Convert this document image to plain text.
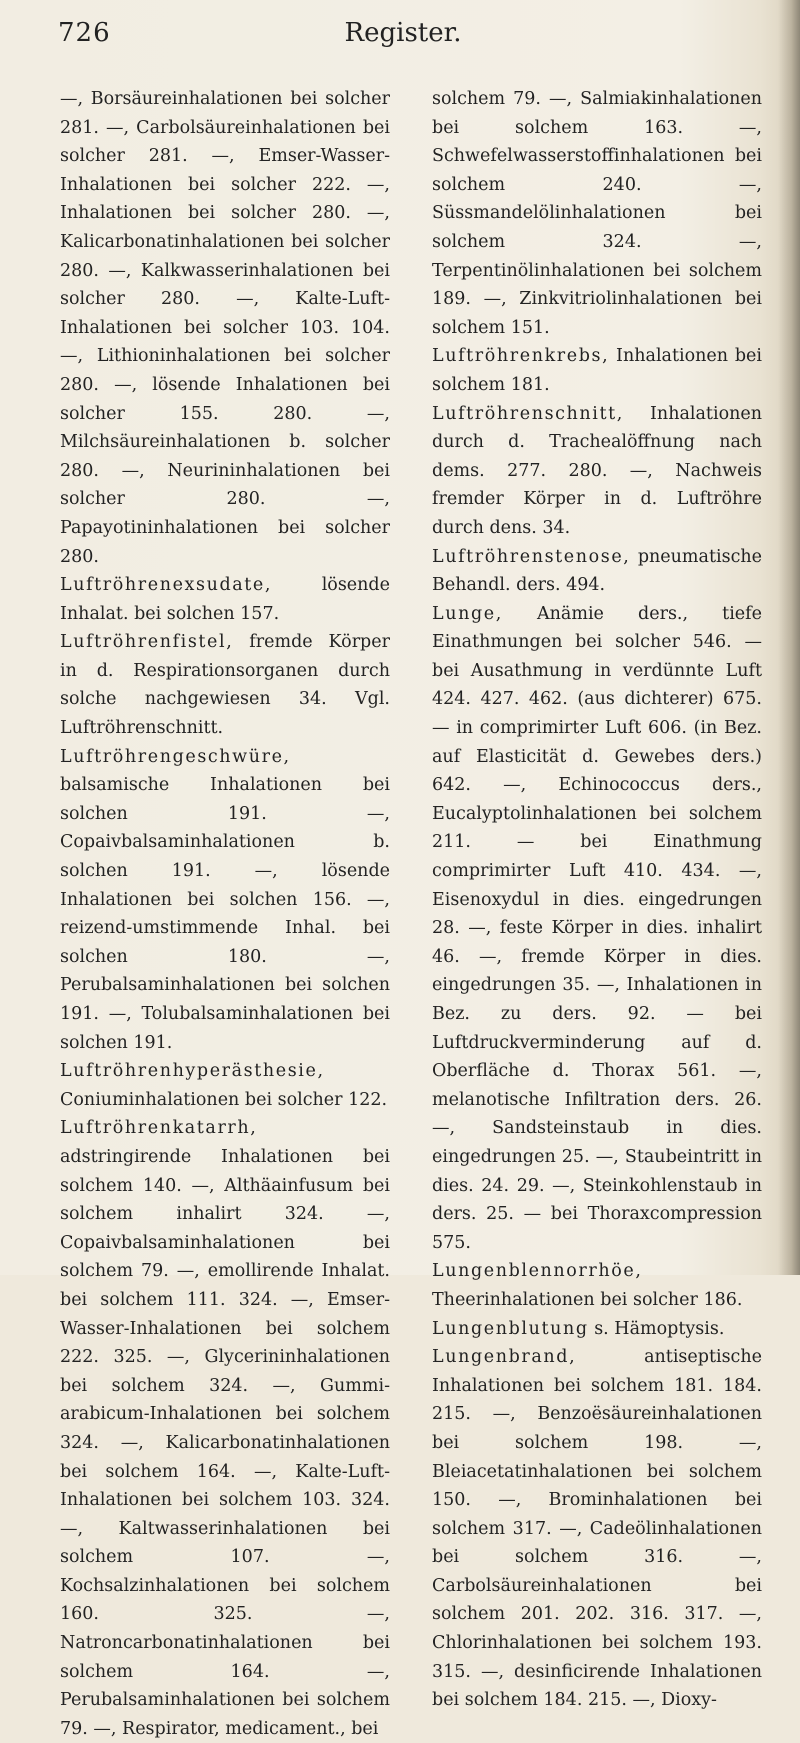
726	Register.

—, Borsäureinhalationen bei solcher 281. —, Carbolsäureinhalationen bei solcher 281. —, Emser-Wasser-Inhalationen bei solcher 222. —, Inhalationen bei solcher 280. —, Kalicarbonatinhalationen bei solcher 280. —, Kalkwasserinhalationen bei solcher 280. —, Kalte-Luft-Inhalationen bei solcher 103. 104. —, Lithioninhalationen bei solcher 280. —, lösende Inhalationen bei solcher 155. 280. —, Milchsäureinhalationen b. solcher 280. —, Neurininhalationen bei solcher 280. —, Papayotininhalationen bei solcher 280.

Luftröhrenexsudate, lösende Inhalat. bei solchen 157.

Luftröhrenfistel, fremde Körper in d. Respirationsorganen durch solche nachgewiesen 34. Vgl. Luftröhrenschnitt.

Luftröhrengeschwüre, balsamische Inhalationen bei solchen 191. —, Copaivbalsaminhalationen b. solchen 191. —, lösende Inhalationen bei solchen 156. —, reizend-umstimmende Inhal. bei solchen 180. —, Perubalsaminhalationen bei solchen 191. —, Tolubalsaminhalationen bei solchen 191.

Luftröhrenhyperästhesie, Coniuminhalationen bei solcher 122.

Luftröhrenkatarrh, adstringirende Inhalationen bei solchem 140. —, Althäainfusum bei solchem inhalirt 324. —, Copaivbalsaminhalationen bei solchem 79. —, emollirende Inhalat. bei solchem 111. 324. —, Emser-Wasser-Inhalationen bei solchem 222. 325. —, Glycerininhalationen bei solchem 324. —, Gummi-arabicum-Inhalationen bei solchem 324. —, Kalicarbonatinhalationen bei solchem 164. —, Kalte-Luft-Inhalationen bei solchem 103. 324. —, Kaltwasserinhalationen bei solchem 107. —, Kochsalzinhalationen bei solchem 160. 325. —, Natroncarbonatinhalationen bei solchem 164. —, Perubalsaminhalationen bei solchem 79. —, Respirator, medicament., bei

solchem 79. —, Salmiakinhalationen bei solchem 163. —, Schwefelwasserstoffinhalationen bei solchem 240. —, Süssmandelölinhalationen bei solchem 324. —, Terpentinölinhalationen bei solchem 189. —, Zinkvitriolinhalationen bei solchem 151.

Luftröhrenkrebs, Inhalationen bei solchem 181.

Luftröhrenschnitt, Inhalationen durch d. Trachealöffnung nach dems. 277. 280. —, Nachweis fremder Körper in d. Luftröhre durch dens. 34.

Luftröhrenstenose, pneumatische Behandl. ders. 494.

Lunge, Anämie ders., tiefe Einathmungen bei solcher 546. — bei Ausathmung in verdünnte Luft 424. 427. 462. (aus dichterer) 675. — in comprimirter Luft 606. (in Bez. auf Elasticität d. Gewebes ders.) 642. —, Echinococcus ders., Eucalyptolinhalationen bei solchem 211. — bei Einathmung comprimirter Luft 410. 434. —, Eisenoxydul in dies. eingedrungen 28. —, feste Körper in dies. inhalirt 46. —, fremde Körper in dies. eingedrungen 35. —, Inhalationen in Bez. zu ders. 92. — bei Luftdruckverminderung auf d. Oberfläche d. Thorax 561. —, melanotische Infiltration ders. 26. —, Sandsteinstaub in dies. eingedrungen 25. —, Staubeintritt in dies. 24. 29. —, Steinkohlenstaub in ders. 25. — bei Thoraxcompression 575.

Lungenblennorrhöe, Theerinhalationen bei solcher 186.

Lungenblutung s. Hämoptysis.

Lungenbrand, antiseptische Inhalationen bei solchem 181. 184. 215. —, Benzoësäureinhalationen bei solchem 198. —, Bleiacetatinhalationen bei solchem 150. —, Brominhalationen bei solchem 317. —, Cadeölinhalationen bei solchem 316. —, Carbolsäureinhalationen bei solchem 201. 202. 316. 317. —, Chlorinhalationen bei solchem 193. 315. —, desinficirende Inhalationen bei solchem 184. 215. —, Dioxy-
